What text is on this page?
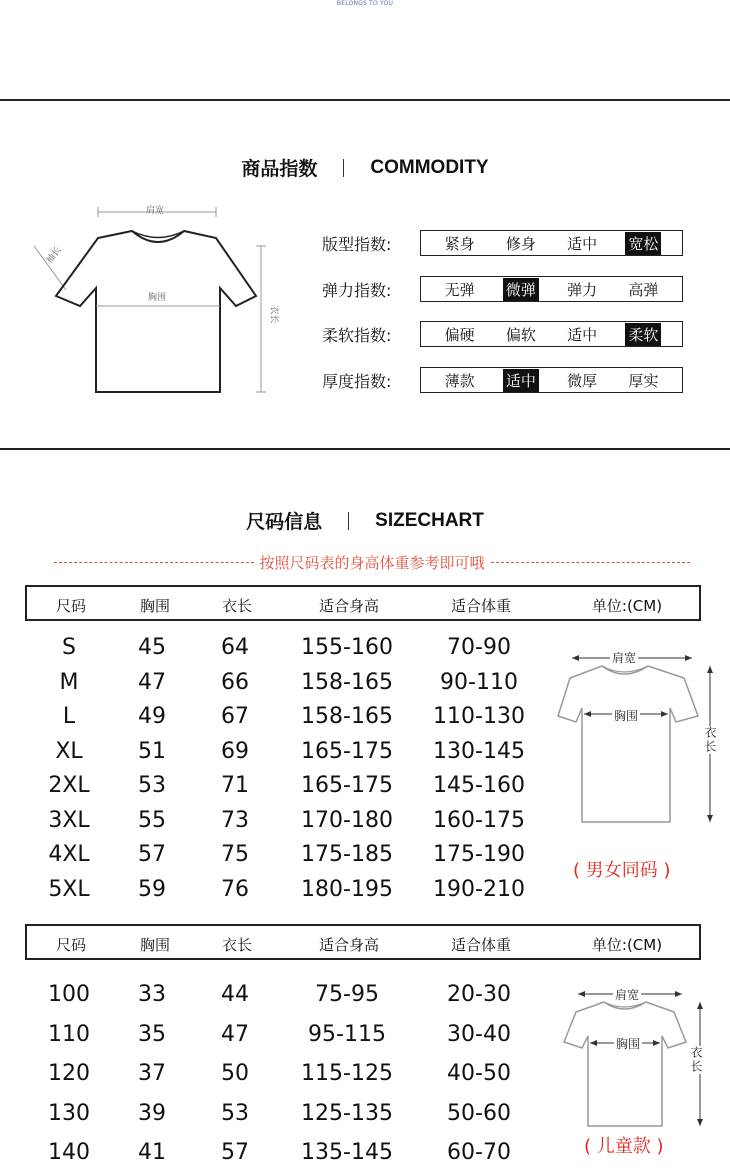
BELONGS TO YOU
商品指数	COMMODITY
肩宽
袖长
胸围
衣长
版型指数:	紧身 修身 适中 宽松
弹力指数:	无弹 微弹 弹力 高弹
柔软指数:	偏硬 偏软 适中 柔软
厚度指数:	薄款 适中 微厚 厚实
尺码信息	SIZECHART
按照尺码表的身高体重参考即可哦
尺码	胸围	衣长	适合身高	适合体重	单位:(CM)
S	45	64 155-160 70-90
M	47	66 158-165 90-110
L	49	67 158-165 110-130
XL	51	69 165-175 130-145
2XL 53	71 165-175 145-160
3XL 55	73 170-180 160-175
4XL 57	75 175-185 175-190
5XL 59	76 180-195 190-210
肩宽
胸围
衣长
( 男女同码 )
尺码	胸围	衣长	适合身高	适合体重	单位:(CM)
100 33	44	75-95	20-30
110 35	47	95-115	30-40
120 37	50 115-125 40-50
130 39	53 125-135 50-60
140 41	57 135-145 60-70
肩宽
胸围
衣长
( 儿童款 )
